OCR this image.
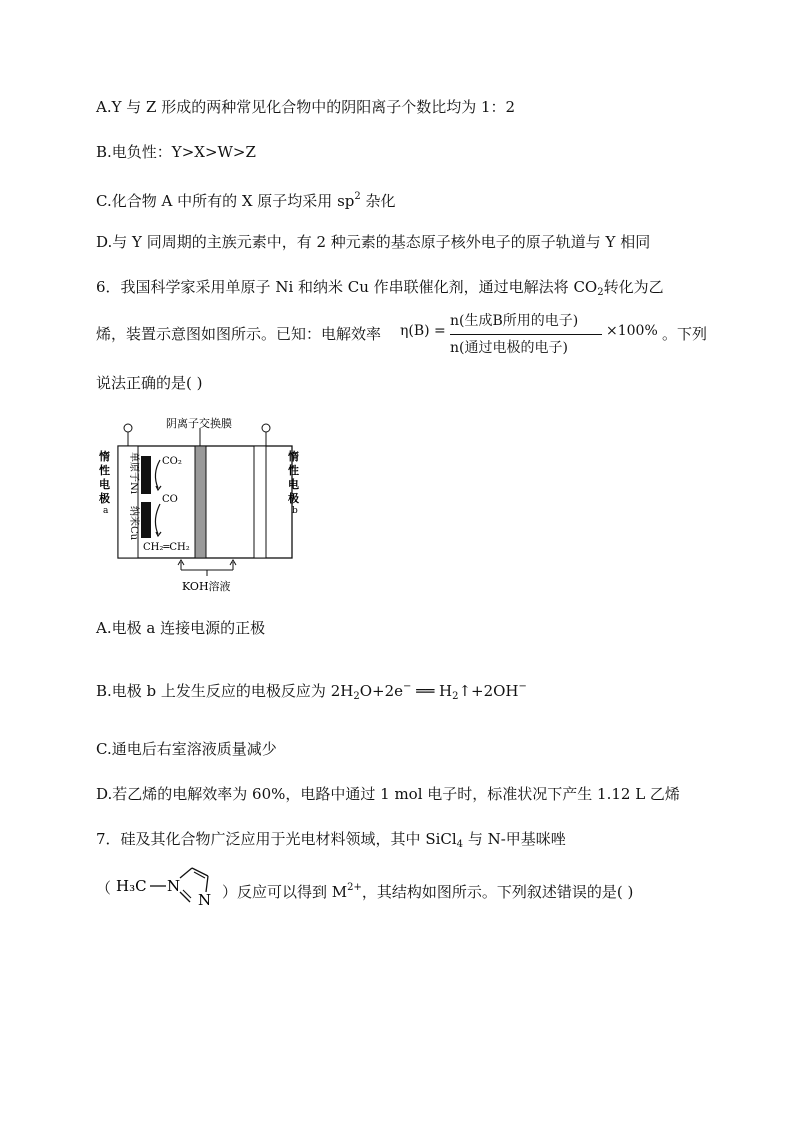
A.Y 与 Z 形成的两种常见化合物中的阴阳离子个数比均为 1：2
B.电负性：Y>X>W>Z
C.化合物 A 中所有的 X 原子均采用 $sp^2$ 杂化
D.与 Y 同周期的主族元素中，有 2 种元素的基态原子核外电子的原子轨道与 Y 相同
6．我国科学家采用单原子 Ni 和纳米 Cu 作串联催化剂，通过电解法将 $CO_2$转化为乙
烯，装置示意图如图所示。已知：电解效率 η(B) =
n(生成B所用的电子)
n(通过电极的电子)
×100% 。下列
说法正确的是( )
阴离子交换膜
惰
性
电
极
a
惰
性
电
极
b
单原子Ni
纳米Cu
CO₂
CO
CH₂═CH₂
KOH溶液
A.电极 a 连接电源的正极
B.电极 b 上发生反应的电极反应为 $2H_2O+2e^-$ ══ $H_2↑+2OH^-$
C.通电后右室溶液质量减少
D.若乙烯的电解效率为 60%，电路中通过 1 mol 电子时，标准状况下产生 1.12 L 乙烯
7．硅及其化合物广泛应用于光电材料领域，其中 SiCl$_4$ 与 N-甲基咪唑
（ H₃C N
N ）反应可以得到 $M^{2+}$，其结构如图所示。下列叙述错误的是( )
